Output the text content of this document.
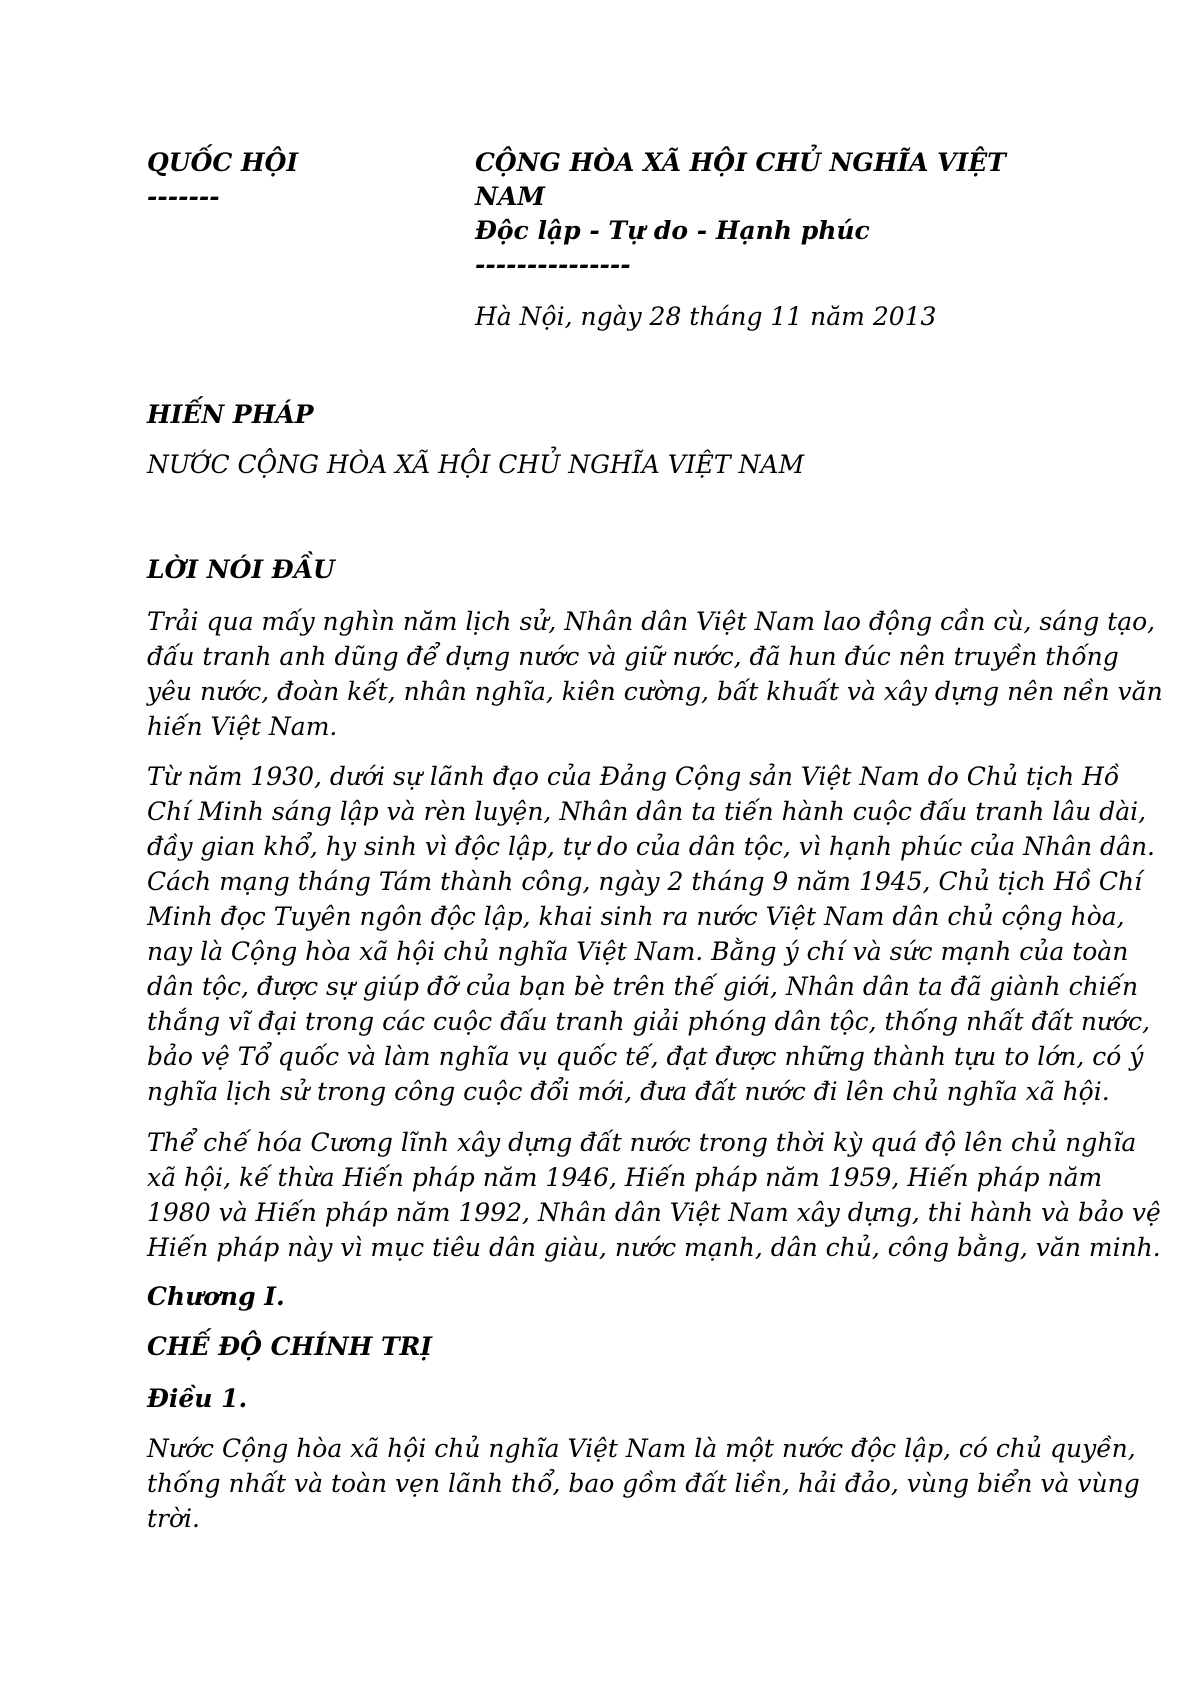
QUỐC HỘI
-------
CỘNG HÒA XÃ HỘI CHỦ NGHĨA VIỆT
NAM
Độc lập - Tự do - Hạnh phúc
---------------
Hà Nội, ngày 28 tháng 11 năm 2013
HIẾN PHÁP
NƯỚC CỘNG HÒA XÃ HỘI CHỦ NGHĨA VIỆT NAM
LỜI NÓI ĐẦU

Trải qua mấy nghìn năm lịch sử, Nhân dân Việt Nam lao động cần cù, sáng tạo,
đấu tranh anh dũng để dựng nước và giữ nước, đã hun đúc nên truyền thống
yêu nước, đoàn kết, nhân nghĩa, kiên cường, bất khuất và xây dựng nên nền văn
hiến Việt Nam.

Từ năm 1930, dưới sự lãnh đạo của Đảng Cộng sản Việt Nam do Chủ tịch Hồ
Chí Minh sáng lập và rèn luyện, Nhân dân ta tiến hành cuộc đấu tranh lâu dài,
đầy gian khổ, hy sinh vì độc lập, tự do của dân tộc, vì hạnh phúc của Nhân dân.
Cách mạng tháng Tám thành công, ngày 2 tháng 9 năm 1945, Chủ tịch Hồ Chí
Minh đọc Tuyên ngôn độc lập, khai sinh ra nước Việt Nam dân chủ cộng hòa,
nay là Cộng hòa xã hội chủ nghĩa Việt Nam. Bằng ý chí và sức mạnh của toàn
dân tộc, được sự giúp đỡ của bạn bè trên thế giới, Nhân dân ta đã giành chiến
thắng vĩ đại trong các cuộc đấu tranh giải phóng dân tộc, thống nhất đất nước,
bảo vệ Tổ quốc và làm nghĩa vụ quốc tế, đạt được những thành tựu to lớn, có ý
nghĩa lịch sử trong công cuộc đổi mới, đưa đất nước đi lên chủ nghĩa xã hội.

Thể chế hóa Cương lĩnh xây dựng đất nước trong thời kỳ quá độ lên chủ nghĩa
xã hội, kế thừa Hiến pháp năm 1946, Hiến pháp năm 1959, Hiến pháp năm
1980 và Hiến pháp năm 1992, Nhân dân Việt Nam xây dựng, thi hành và bảo vệ
Hiến pháp này vì mục tiêu dân giàu, nước mạnh, dân chủ, công bằng, văn minh.

Chương I.
CHẾ ĐỘ CHÍNH TRỊ
Điều 1.

Nước Cộng hòa xã hội chủ nghĩa Việt Nam là một nước độc lập, có chủ quyền,
thống nhất và toàn vẹn lãnh thổ, bao gồm đất liền, hải đảo, vùng biển và vùng
trời.
